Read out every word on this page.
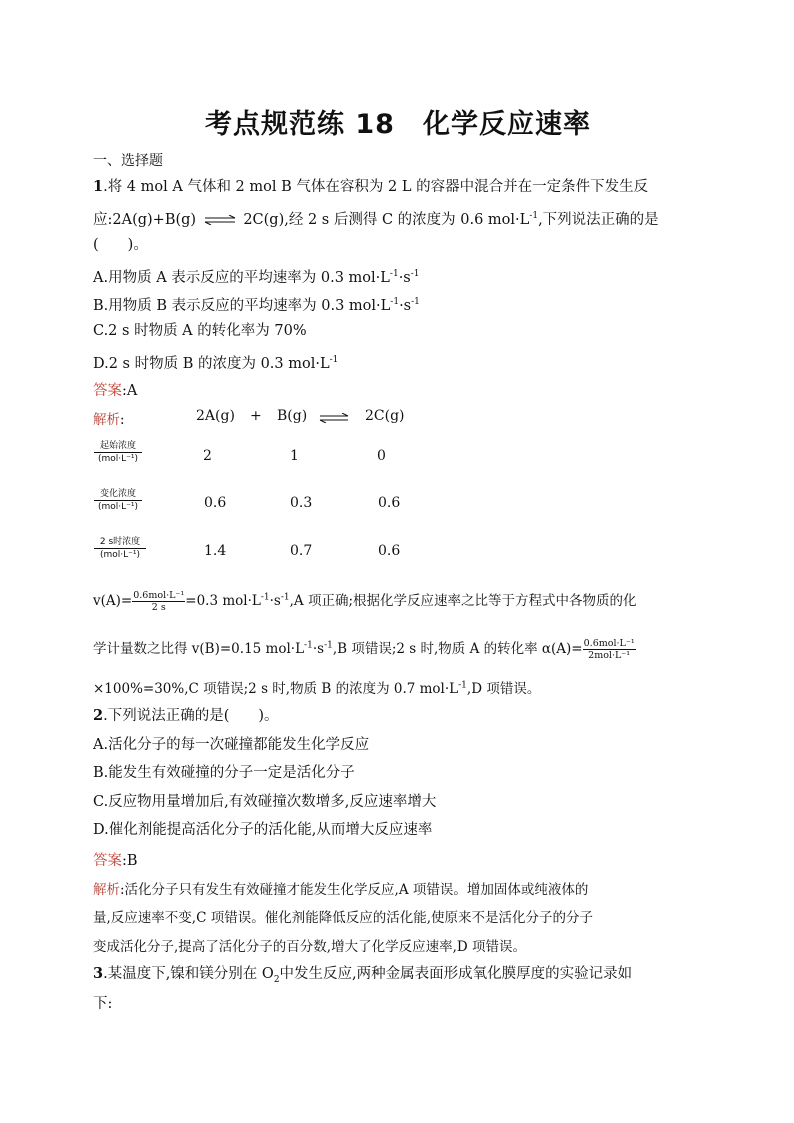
考点规范练 18　化学反应速率
一、选择题
1.将 4 mol A 气体和 2 mol B 气体在容积为 2 L 的容器中混合并在一定条件下发生反
应:2A(g)+B(g) ⇌ 2C(g),经 2 s 后测得 C 的浓度为 0.6 $mol\cdot L^{-1}$,下列说法正确的是
(　　)。
A.用物质 A 表示反应的平均速率为 0.3 $mol\cdot L^{-1}\cdot s^{-1}$
B.用物质 B 表示反应的平均速率为 0.3 $mol\cdot L^{-1}\cdot s^{-1}$
C.2 s 时物质 A 的转化率为 70%
D.2 s 时物质 B 的浓度为 0.3 $mol\cdot L^{-1}$
答案:A
解析:	2A(g) + B(g) ⇌ 2C(g)
起始浓度
(mol·L⁻¹)	2	1	0
变化浓度
(mol·L⁻¹)	0.6	0.3	0.6
2 s时浓度
(mol·L⁻¹)	1.4	0.7	0.6
$v(A)= \frac{\text{0.6mol·L⁻¹}}{2 s} =0.3$ $mol\cdot L^{-1}\cdot s^{-1},A$ 项正确;根据化学反应速率之比等于方程式中各物质的化
学计量数之比得 v(B)=0.15 $mol\cdot L^{-1}\cdot s^{-1},B$ 项错误;2 s 时,物质 A 的转化率 $\alpha(A)= \frac{\text{0.6mol·L⁻¹}}{\text{2mol·L⁻¹}}$
×100%=30%,C 项错误;2 s 时,物质 B 的浓度为 0.7 $mol\cdot L^{-1},D$ 项错误。
2.下列说法正确的是(　　)。
A.活化分子的每一次碰撞都能发生化学反应
B.能发生有效碰撞的分子一定是活化分子
C.反应物用量增加后,有效碰撞次数增多,反应速率增大
D.催化剂能提高活化分子的活化能,从而增大反应速率
答案:B
解析:活化分子只有发生有效碰撞才能发生化学反应,A 项错误。增加固体或纯液体的
量,反应速率不变,C 项错误。催化剂能降低反应的活化能,使原来不是活化分子的分子
变成活化分子,提高了活化分子的百分数,增大了化学反应速率,D 项错误。
3.某温度下,镍和镁分别在 $O_2$中发生反应,两种金属表面形成氧化膜厚度的实验记录如
下:
